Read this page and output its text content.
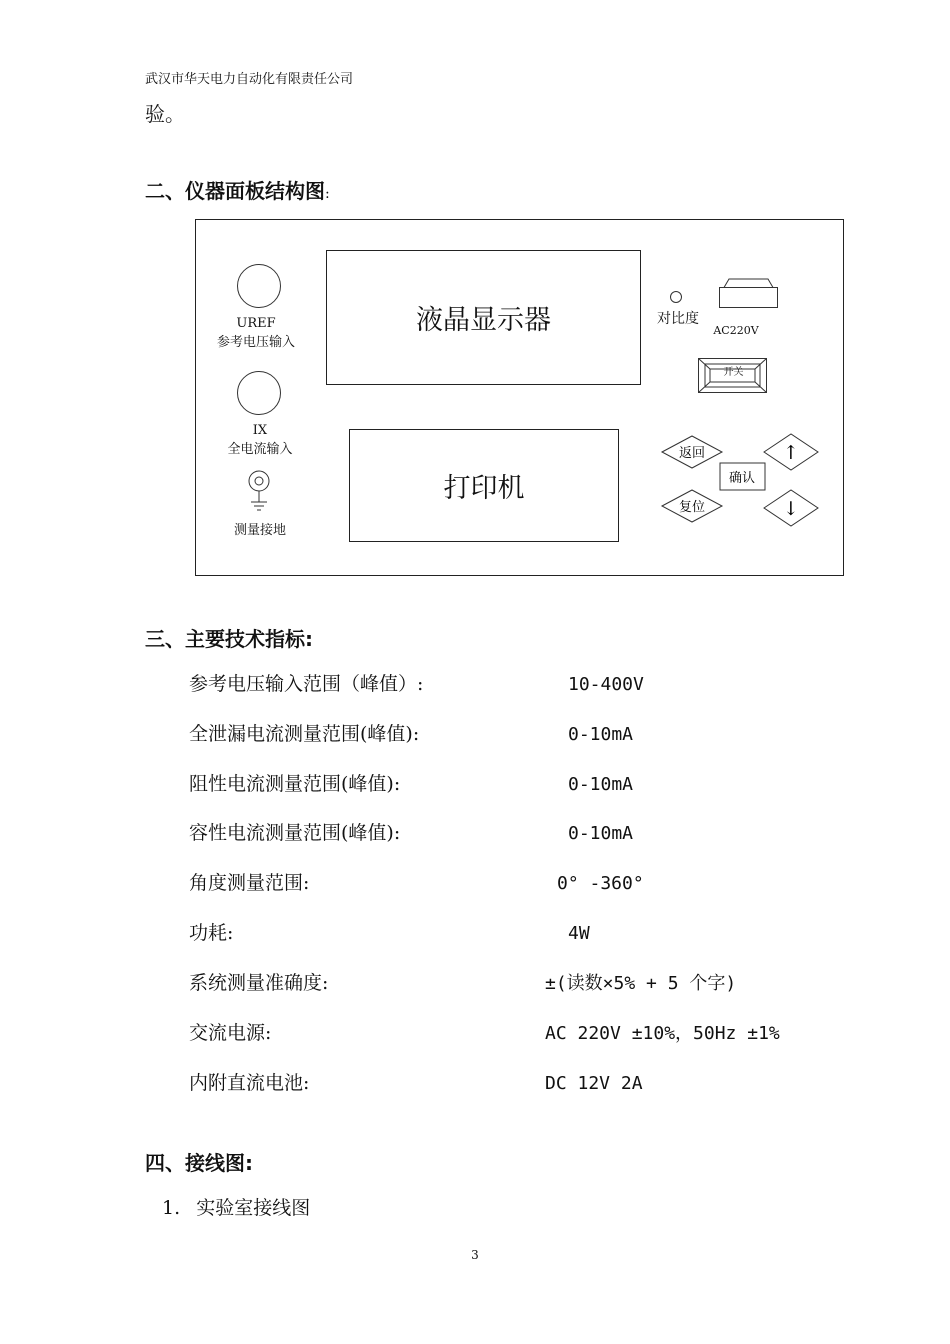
武汉市华天电力自动化有限责任公司
验。
二、仪器面板结构图:
UREF
参考电压输入
IX
全电流输入
测量接地
液晶显示器
打印机
对比度
AC220V
开关
返回
复位
确认
↑
↓
三、主要技术指标:
参考电压输入范围（峰值）:	10-400V
全泄漏电流测量范围(峰值):	0-10mA
阻性电流测量范围(峰值):	0-10mA
容性电流测量范围(峰值):	0-10mA
角度测量范围:	0° -360°
功耗:	4W
系统测量准确度:	±(读数×5% + 5 个字)
交流电源:	AC 220V ±10%，50Hz ±1%
内附直流电池:	DC 12V 2A
四、接线图:
1. 实验室接线图
3
